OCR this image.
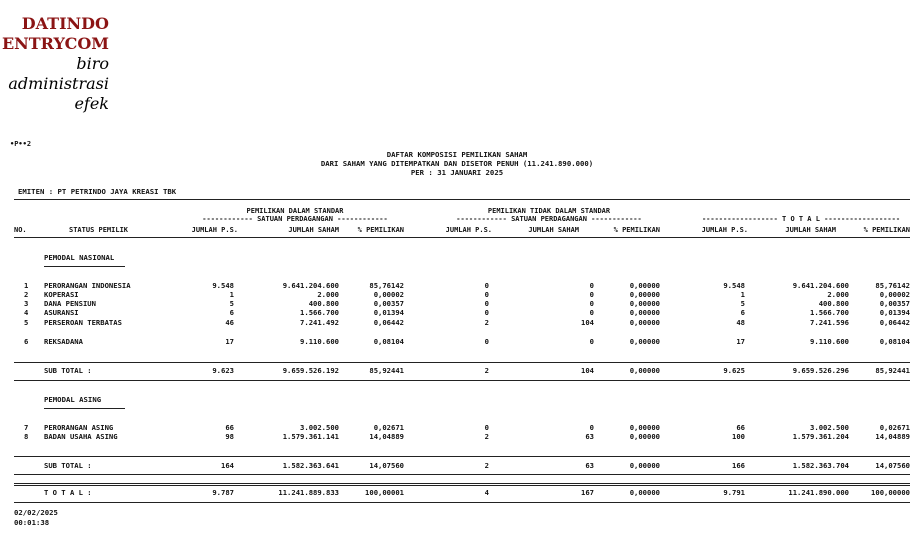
DATINDO
ENTRYCOM
biro
administrasi
efek
•P••2
DAFTAR KOMPOSISI PEMILIKAN SAHAM
DARI SAHAM YANG DITEMPATKAN DAN DISETOR PENUH (11.241.890.000)
PER : 31 JANUARI 2025
EMITEN : PT PETRINDO JAYA KREASI TBK
PEMILIKAN DALAM STANDAR
------------ SATUAN PERDAGANGAN ------------
PEMILIKAN TIDAK DALAM STANDAR
------------ SATUAN PERDAGANGAN ------------	------------------ T O T A L ------------------
NO.	STATUS PEMILIK	JUMLAH P.S.	JUMLAH SAHAM	% PEMILIKAN	JUMLAH P.S.	JUMLAH SAHAM	% PEMILIKAN	JUMLAH P.S.	JUMLAH SAHAM	% PEMILIKAN
PEMODAL NASIONAL
PEMODAL ASING
1 PERORANGAN INDONESIA	9.548	9.641.204.600	85,76142	0	0	0,00000	9.548	9.641.204.600	85,76142
2 KOPERASI	1	2.000	0,00002	0	0	0,00000	1	2.000	0,00002
3 DANA PENSIUN	5	400.800	0,00357	0	0	0,00000	5	400.800	0,00357
4 ASURANSI	6	1.566.700	0,01394	0	0	0,00000	6	1.566.700	0,01394
5 PERSEROAN TERBATAS	46	7.241.492	0,06442	2	104	0,00000	48	7.241.596	0,06442
6 REKSADANA	17	9.110.600	0,08104	0	0	0,00000	17	9.110.600	0,08104
SUB TOTAL :	9.623	9.659.526.192	85,92441	2	104	0,00000	9.625	9.659.526.296	85,92441
7 PERORANGAN ASING	66	3.002.500	0,02671	0	0	0,00000	66	3.002.500	0,02671
8 BADAN USAHA ASING	98	1.579.361.141	14,04889	2	63	0,00000	100	1.579.361.204	14,04889
SUB TOTAL :	164	1.582.363.641	14,07560	2	63	0,00000	166	1.582.363.704	14,07560
T O T A L :	9.787	11.241.889.833	100,00001	4	167	0,00000	9.791	11.241.890.000	100,00000
02/02/2025
00:01:38
